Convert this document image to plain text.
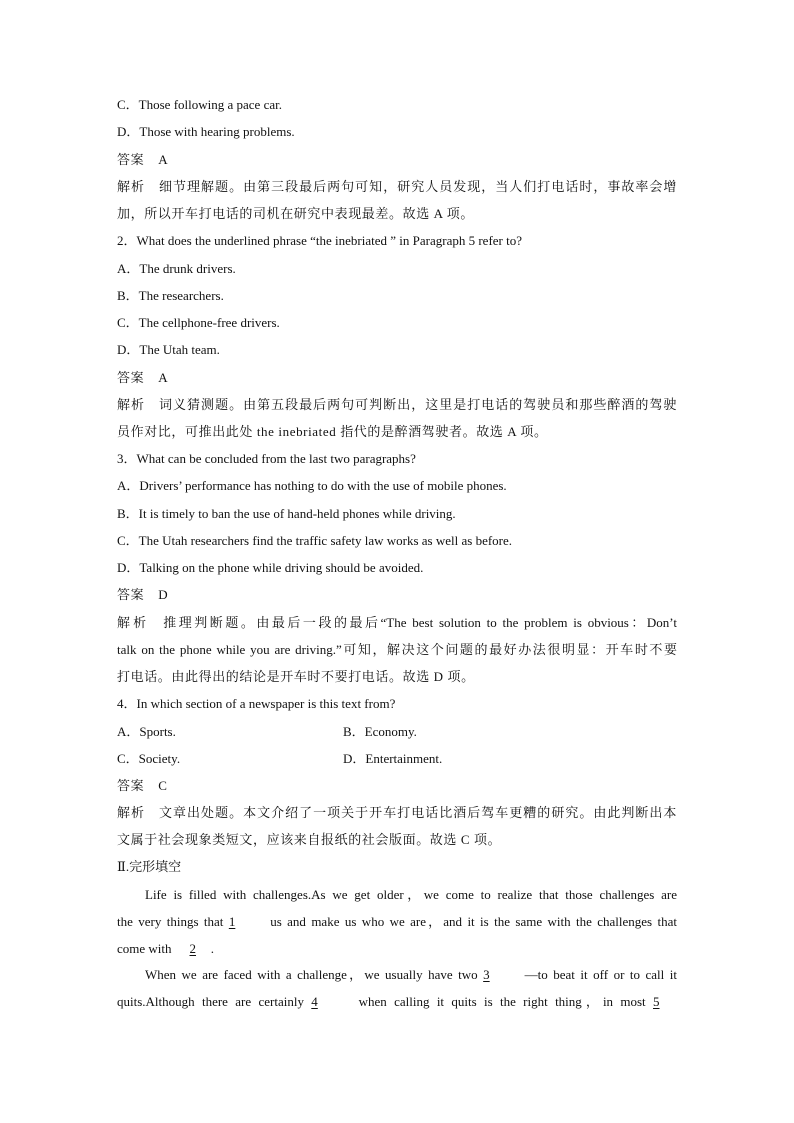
C．Those following a pace car.
D．Those with hearing problems.
答案 A
解析 细节理解题。由第三段最后两句可知，研究人员发现，当人们打电话时，事故率会增
加，所以开车打电话的司机在研究中表现最差。故选 A 项。
2．What does the underlined phrase “the inebriated ” in Paragraph 5 refer to?
A．The drunk drivers.
B．The researchers.
C．The cellphone-free drivers.
D．The Utah team.
答案 A
解析 词义猜测题。由第五段最后两句可判断出，这里是打电话的驾驶员和那些醉酒的驾驶
员作对比，可推出此处 the inebriated 指代的是醉酒驾驶者。故选 A 项。
3．What can be concluded from the last two paragraphs?
A．Drivers’ performance has nothing to do with the use of mobile phones.
B．It is timely to ban the use of hand-held phones while driving.
C．The Utah researchers find the traffic safety law works as well as before.
D．Talking on the phone while driving should be avoided.
答案 D
解析 推理判断题。由最后一段的最后“The best solution to the problem is obvious：Don’t
talk on the phone while you are driving.”可知，解决这个问题的最好办法很明显：开车时不要
打电话。由此得出的结论是开车时不要打电话。故选 D 项。
4．In which section of a newspaper is this text from?
A．Sports.	B．Economy.
C．Society.	D．Entertainment.
答案 C
解析 文章出处题。本文介绍了一项关于开车打电话比酒后驾车更糟的研究。由此判断出本
文属于社会现象类短文，应该来自报纸的社会版面。故选 C 项。
Ⅱ.完形填空
Life is filled with challenges.As we get older，we come to realize that those challenges are
the very things that 1	us and make us who we are，and it is the same with the challenges that
come with 2 .
When we are faced with a challenge，we usually have two 3	—to beat it off or to call it
quits.Although there are certainly 4	when calling it quits is the right thing，in most 5
